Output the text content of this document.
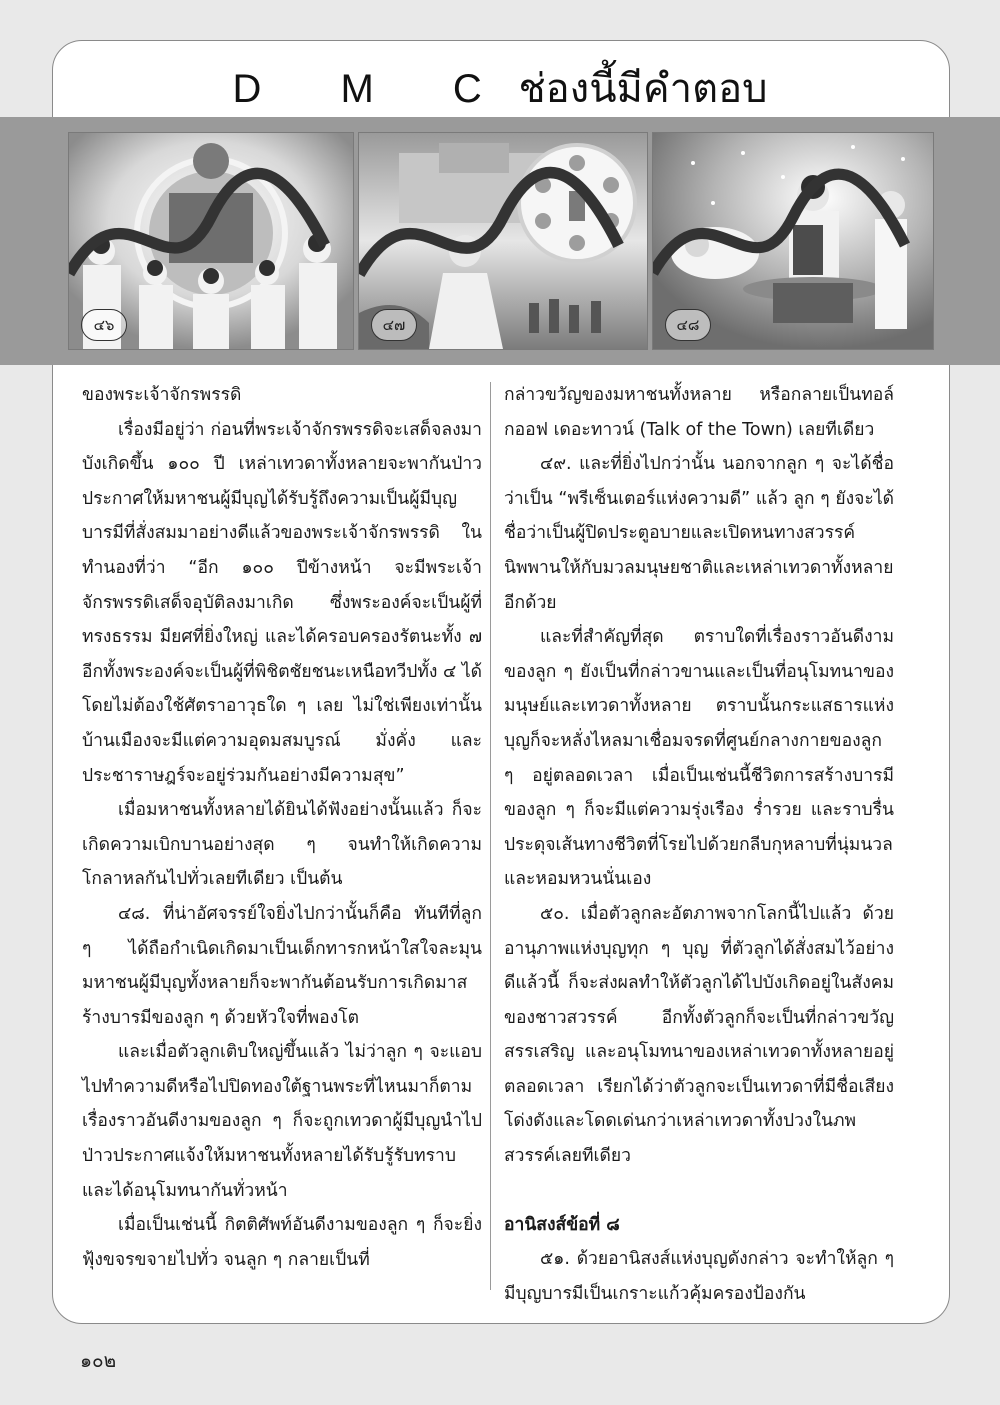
D M C ช่องนี้มีคำตอบ
๔๖	๔๗	๔๘

ของพระเจ้าจักรพรรดิ

เรื่องมีอยู่ว่า ก่อนที่พระเจ้าจักรพรรดิจะเสด็จลงมาบังเกิดขึ้น ๑๐๐ ปี เหล่าเทวดาทั้งหลายจะพากันป่าวประกาศให้มหาชนผู้มีบุญได้รับรู้ถึงความเป็นผู้มีบุญบารมีที่สั่งสมมาอย่างดีแล้วของพระเจ้าจักรพรรดิ ในทำนองที่ว่า “อีก ๑๐๐ ปีข้างหน้า จะมีพระเจ้าจักรพรรดิเสด็จอุบัติลงมาเกิด ซึ่งพระองค์จะเป็นผู้ที่ทรงธรรม มียศที่ยิ่งใหญ่ และได้ครอบครองรัตนะทั้ง ๗ อีกทั้งพระองค์จะเป็นผู้ที่พิชิตชัยชนะเหนือทวีปทั้ง ๔ ได้ โดยไม่ต้องใช้ศัตราอาวุธใด ๆ เลย ไม่ใช่เพียงเท่านั้น บ้านเมืองจะมีแต่ความอุดมสมบูรณ์ มั่งคั่ง และประชาราษฎร์จะอยู่ร่วมกันอย่างมีความสุข”

เมื่อมหาชนทั้งหลายได้ยินได้ฟังอย่างนั้นแล้ว ก็จะเกิดความเบิกบานอย่างสุด ๆ จนทำให้เกิดความโกลาหลกันไปทั่วเลยทีเดียว เป็นต้น

๔๘. ที่น่าอัศจรรย์ใจยิ่งไปกว่านั้นก็คือ ทันทีที่ลูก ๆ ได้ถือกำเนิดเกิดมาเป็นเด็กทารกหน้าใสใจละมุน มหาชนผู้มีบุญทั้งหลายก็จะพากันต้อนรับการเกิดมาสร้างบารมีของลูก ๆ ด้วยหัวใจที่พองโต

และเมื่อตัวลูกเติบใหญ่ขึ้นแล้ว ไม่ว่าลูก ๆ จะแอบไปทำความดีหรือไปปิดทองใต้ฐานพระที่ไหนมาก็ตาม เรื่องราวอันดีงามของลูก ๆ ก็จะถูกเทวดาผู้มีบุญนำไปป่าวประกาศแจ้งให้มหาชนทั้งหลายได้รับรู้รับทราบ และได้อนุโมทนากันทั่วหน้า

เมื่อเป็นเช่นนี้ กิตติศัพท์อันดีงามของลูก ๆ ก็จะยิ่งฟุ้งขจรขจายไปทั่ว จนลูก ๆ กลายเป็นที่

กล่าวขวัญของมหาชนทั้งหลาย หรือกลายเป็นทอล์กออฟ เดอะทาวน์ (Talk of the Town) เลยทีเดียว

๔๙. และที่ยิ่งไปกว่านั้น นอกจากลูก ๆ จะได้ชื่อว่าเป็น “พรีเซ็นเตอร์แห่งความดี” แล้ว ลูก ๆ ยังจะได้ชื่อว่าเป็นผู้ปิดประตูอบายและเปิดหนทางสวรรค์นิพพานให้กับมวลมนุษยชาติและเหล่าเทวดาทั้งหลายอีกด้วย

และที่สำคัญที่สุด ตราบใดที่เรื่องราวอันดีงามของลูก ๆ ยังเป็นที่กล่าวขานและเป็นที่อนุโมทนาของมนุษย์และเทวดาทั้งหลาย ตราบนั้นกระแสธารแห่งบุญก็จะหลั่งไหลมาเชื่อมจรดที่ศูนย์กลางกายของลูก ๆ อยู่ตลอดเวลา เมื่อเป็นเช่นนี้ชีวิตการสร้างบารมีของลูก ๆ ก็จะมีแต่ความรุ่งเรือง ร่ำรวย และราบรื่น ประดุจเส้นทางชีวิตที่โรยไปด้วยกลีบกุหลาบที่นุ่มนวลและหอมหวนนั่นเอง

๕๐. เมื่อตัวลูกละอัตภาพจากโลกนี้ไปแล้ว ด้วยอานุภาพแห่งบุญทุก ๆ บุญ ที่ตัวลูกได้สั่งสมไว้อย่างดีแล้วนี้ ก็จะส่งผลทำให้ตัวลูกได้ไปบังเกิดอยู่ในสังคมของชาวสวรรค์ อีกทั้งตัวลูกก็จะเป็นที่กล่าวขวัญสรรเสริญ และอนุโมทนาของเหล่าเทวดาทั้งหลายอยู่ตลอดเวลา เรียกได้ว่าตัวลูกจะเป็นเทวดาที่มีชื่อเสียงโด่งดังและโดดเด่นกว่าเหล่าเทวดาทั้งปวงในภพสวรรค์เลยทีเดียว

อานิสงส์ข้อที่ ๘

๕๑. ด้วยอานิสงส์แห่งบุญดังกล่าว จะทำให้ลูก ๆ มีบุญบารมีเป็นเกราะแก้วคุ้มครองป้องกัน

๑๐๒
